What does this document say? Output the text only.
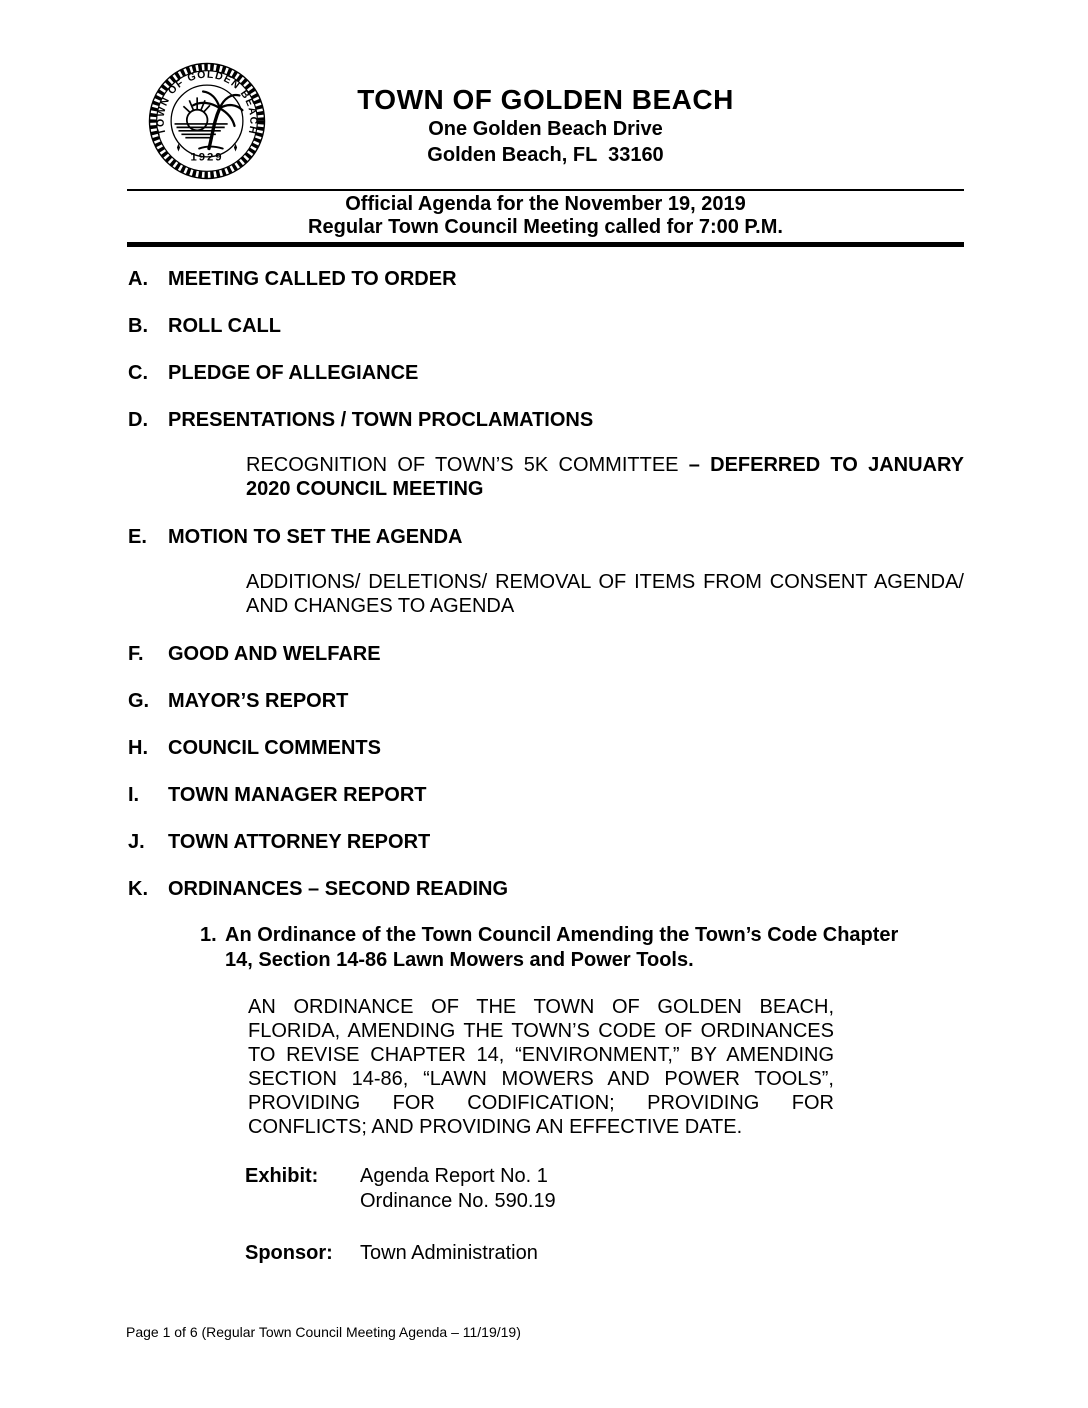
TOWN OF GOLDEN BEACH
1929
TOWN OF GOLDEN BEACH
One Golden Beach Drive
Golden Beach, FL  33160
Official Agenda for the November 19, 2019
Regular Town Council Meeting called for 7:00 P.M.
A.	MEETING CALLED TO ORDER
B.	ROLL CALL
C.	PLEDGE OF ALLEGIANCE
D.	PRESENTATIONS / TOWN PROCLAMATIONS

RECOGNITION OF TOWN’S 5K COMMITTEE – DEFERRED TO JANUARY 2020 COUNCIL MEETING

E.	MOTION TO SET THE AGENDA

ADDITIONS/ DELETIONS/ REMOVAL OF ITEMS FROM CONSENT AGENDA/ AND CHANGES TO AGENDA

F.	GOOD AND WELFARE
G. MAYOR’S REPORT
H.	COUNCIL COMMENTS
I.	TOWN MANAGER REPORT
J.	TOWN ATTORNEY REPORT
K.	ORDINANCES – SECOND READING
1. An Ordinance of the Town Council Amending the Town’s Code Chapter 14, Section 14-86 Lawn Mowers and Power Tools.

AN ORDINANCE OF THE TOWN OF GOLDEN BEACH, FLORIDA, AMENDING THE TOWN’S CODE OF ORDINANCES TO REVISE CHAPTER 14, “ENVIRONMENT,” BY AMENDING SECTION 14-86, “LAWN MOWERS AND POWER TOOLS”, PROVIDING FOR CODIFICATION; PROVIDING FOR CONFLICTS; AND PROVIDING AN EFFECTIVE DATE.

Exhibit:	Agenda Report No. 1
Ordinance No. 590.19
Sponsor:	Town Administration
Page 1 of 6 (Regular Town Council Meeting Agenda – 11/19/19)
